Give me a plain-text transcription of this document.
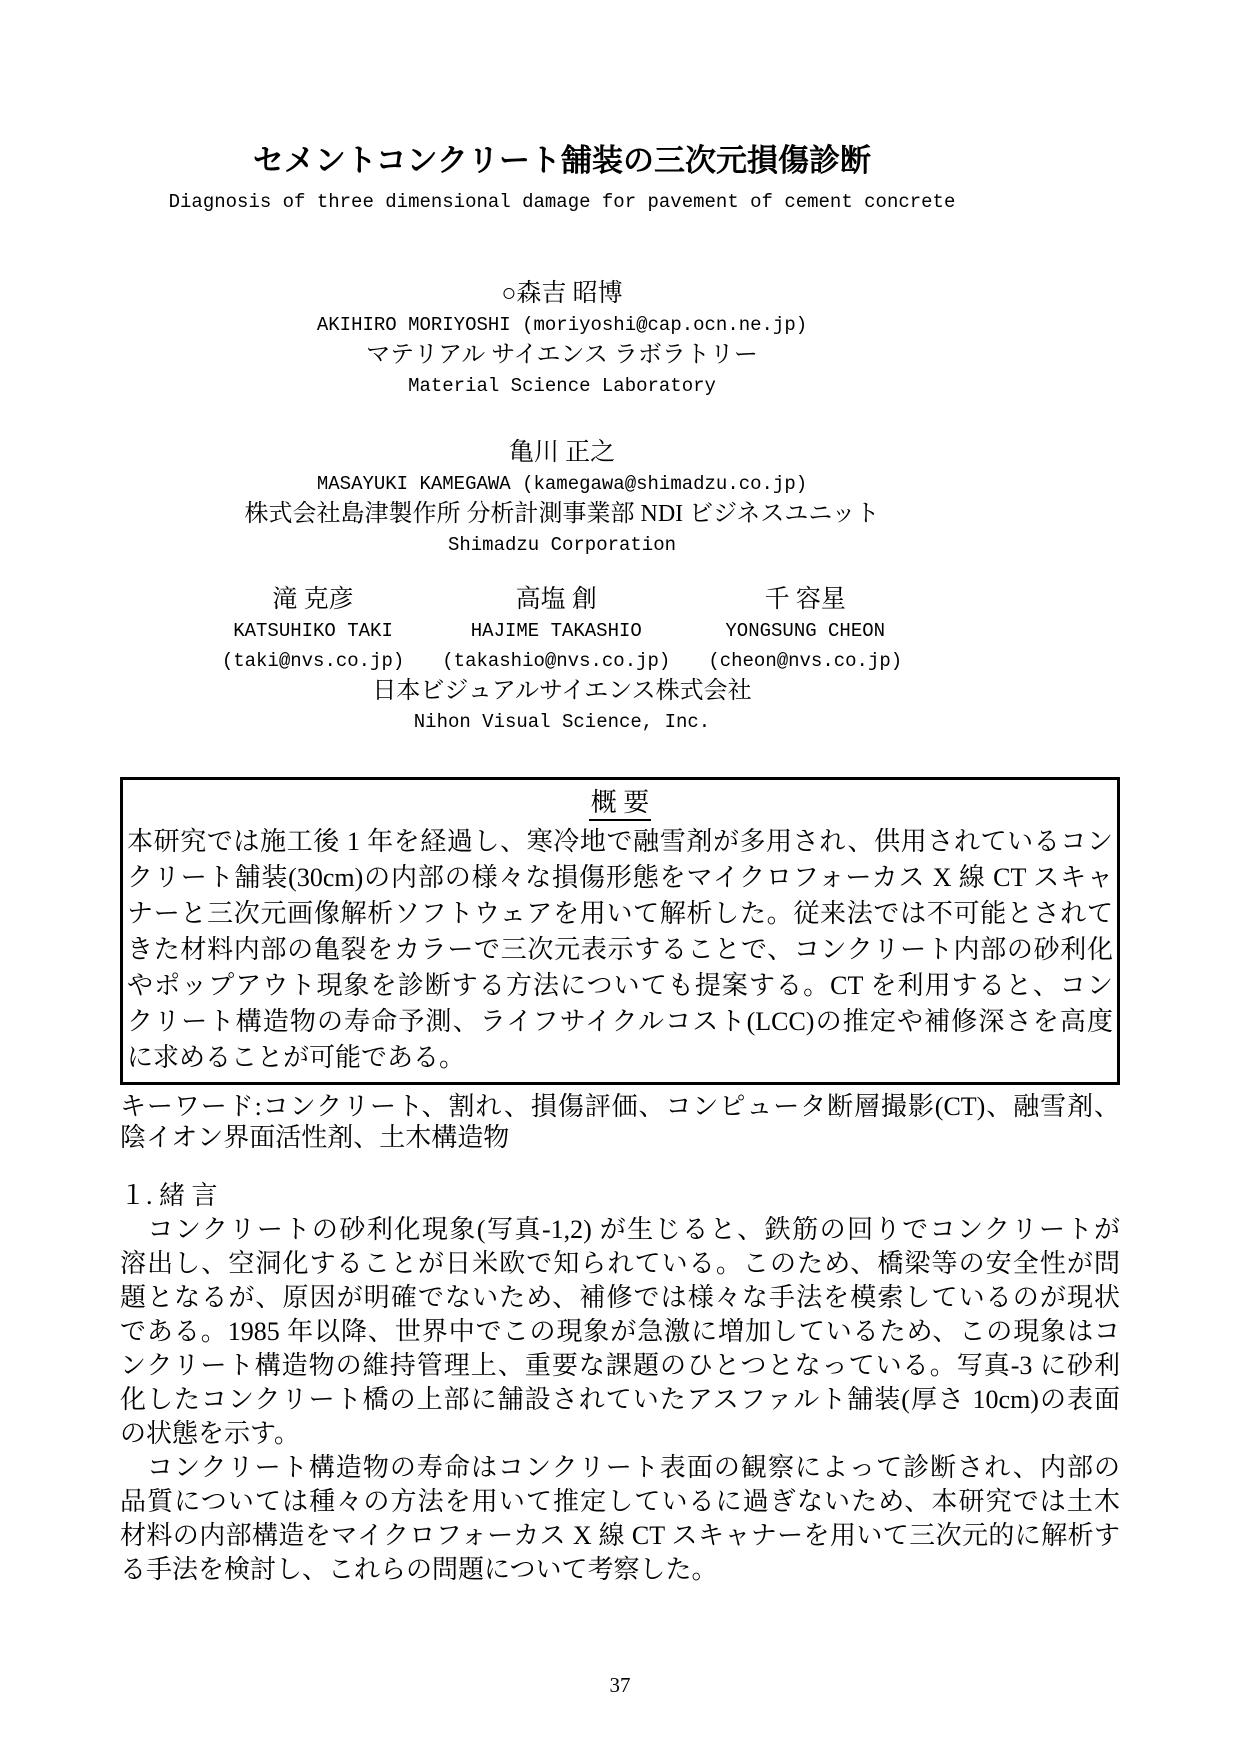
セメントコンクリート舗装の三次元損傷診断
Diagnosis of three dimensional damage for pavement of cement concrete
○森吉 昭博
AKIHIRO MORIYOSHI (moriyoshi@cap.ocn.ne.jp)
マテリアル サイエンス ラボラトリー
Material Science Laboratory
亀川 正之
MASAYUKI KAMEGAWA (kamegawa@shimadzu.co.jp)
株式会社島津製作所 分析計測事業部 NDI ビジネスユニット
Shimadzu Corporation
滝 克彦
KATSUHIKO TAKI
(taki@nvs.co.jp)
高塩 創
HAJIME TAKASHIO
(takashio@nvs.co.jp)
千 容星
YONGSUNG CHEON
(cheon@nvs.co.jp)
日本ビジュアルサイエンス株式会社
Nihon Visual Science, Inc.
概 要
本研究では施工後 1 年を経過し、寒冷地で融雪剤が多用され、供用されているコン
クリート舗装(30cm)の内部の様々な損傷形態をマイクロフォーカス X 線 CT スキャ
ナーと三次元画像解析ソフトウェアを用いて解析した。従来法では不可能とされて
きた材料内部の亀裂をカラーで三次元表示することで、コンクリート内部の砂利化
やポップアウト現象を診断する方法についても提案する。CT を利用すると、コン
クリート構造物の寿命予測、ライフサイクルコスト(LCC)の推定や補修深さを高度
に求めることが可能である。
キーワード:コンクリート、割れ、損傷評価、コンピュータ断層撮影(CT)、融雪剤、
陰イオン界面活性剤、土木構造物
１. 緒 言
　コンクリートの砂利化現象(写真-1,2) が生じると、鉄筋の回りでコンクリートが
溶出し、空洞化することが日米欧で知られている。このため、橋梁等の安全性が問
題となるが、原因が明確でないため、補修では様々な手法を模索しているのが現状
である。1985 年以降、世界中でこの現象が急激に増加しているため、この現象はコ
ンクリート構造物の維持管理上、重要な課題のひとつとなっている。写真-3 に砂利
化したコンクリート橋の上部に舗設されていたアスファルト舗装(厚さ 10cm)の表面
の状態を示す。
　コンクリート構造物の寿命はコンクリート表面の観察によって診断され、内部の
品質については種々の方法を用いて推定しているに過ぎないため、本研究では土木
材料の内部構造をマイクロフォーカス X 線 CT スキャナーを用いて三次元的に解析す
る手法を検討し、これらの問題について考察した。
37
